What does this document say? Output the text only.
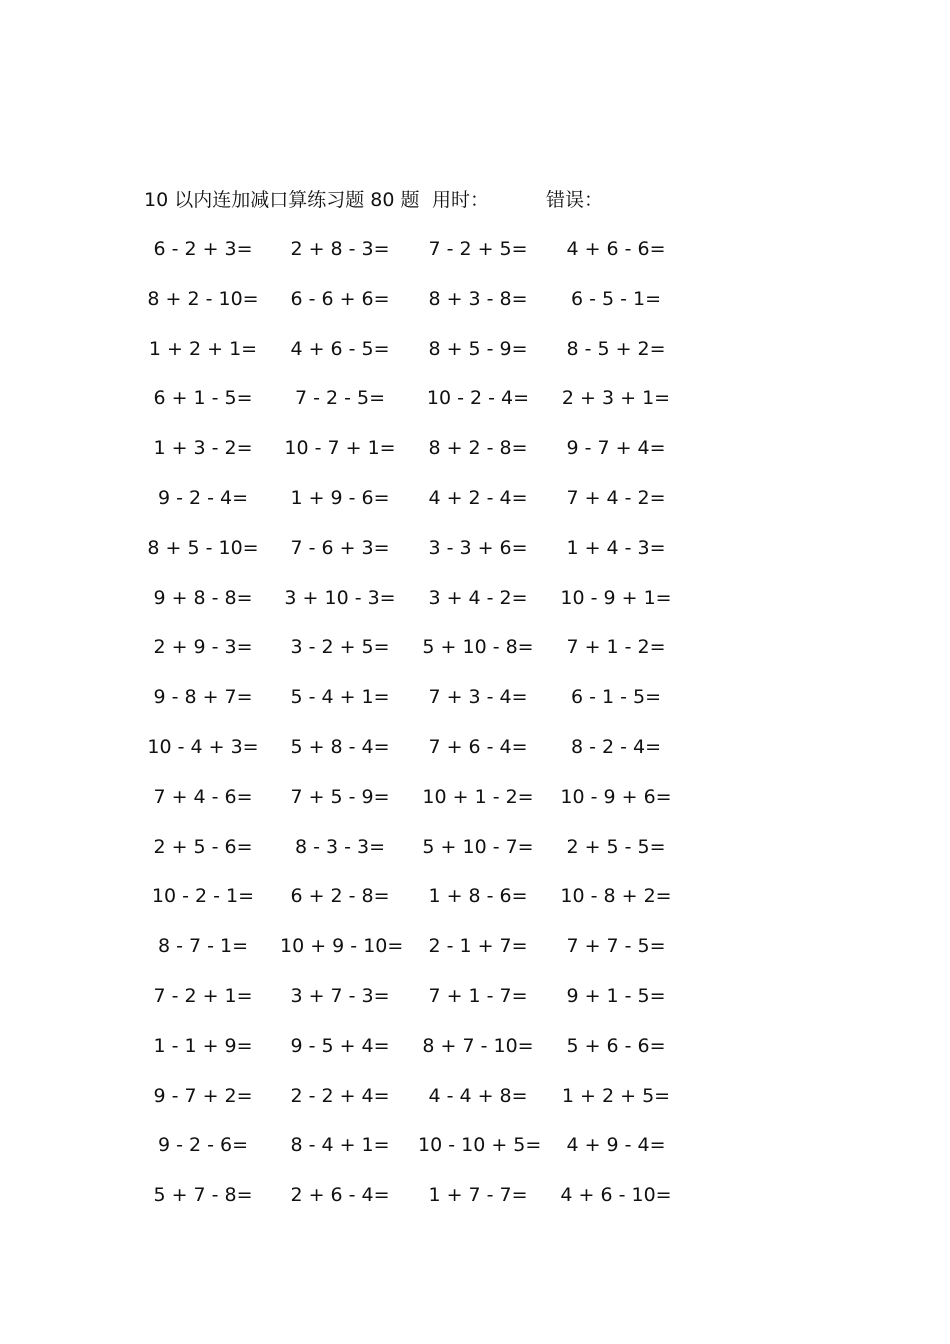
10 以内连加减口算练习题 80 题 用时：	错误：
6 - 2 + 3=	2 + 8 - 3=	7 - 2 + 5=	4 + 6 - 6=
8 + 2 - 10=	6 - 6 + 6=	8 + 3 - 8=	6 - 5 - 1=
1 + 2 + 1=	4 + 6 - 5=	8 + 5 - 9=	8 - 5 + 2=
6 + 1 - 5=	7 - 2 - 5=	10 - 2 - 4=	2 + 3 + 1=
1 + 3 - 2=	10 - 7 + 1=	8 + 2 - 8=	9 - 7 + 4=
9 - 2 - 4=	1 + 9 - 6=	4 + 2 - 4=	7 + 4 - 2=
8 + 5 - 10=	7 - 6 + 3=	3 - 3 + 6=	1 + 4 - 3=
9 + 8 - 8=	3 + 10 - 3=	3 + 4 - 2=	10 - 9 + 1=
2 + 9 - 3=	3 - 2 + 5=	5 + 10 - 8=	7 + 1 - 2=
9 - 8 + 7=	5 - 4 + 1=	7 + 3 - 4=	6 - 1 - 5=
10 - 4 + 3=	5 + 8 - 4=	7 + 6 - 4=	8 - 2 - 4=
7 + 4 - 6=	7 + 5 - 9=	10 + 1 - 2= 10 - 9 + 6=
2 + 5 - 6=	8 - 3 - 3=	5 + 10 - 7=	2 + 5 - 5=
10 - 2 - 1=	6 + 2 - 8=	1 + 8 - 6=	10 - 8 + 2=
8 - 7 - 1=	10 + 9 - 10=	2 - 1 + 7=	7 + 7 - 5=
7 - 2 + 1=	3 + 7 - 3=	7 + 1 - 7=	9 + 1 - 5=
1 - 1 + 9=	9 - 5 + 4=	8 + 7 - 10=	5 + 6 - 6=
9 - 7 + 2=	2 - 2 + 4=	4 - 4 + 8=	1 + 2 + 5=
9 - 2 - 6=	8 - 4 + 1=	10 - 10 + 5=	4 + 9 - 4=
5 + 7 - 8=	2 + 6 - 4=	1 + 7 - 7=	4 + 6 - 10=
